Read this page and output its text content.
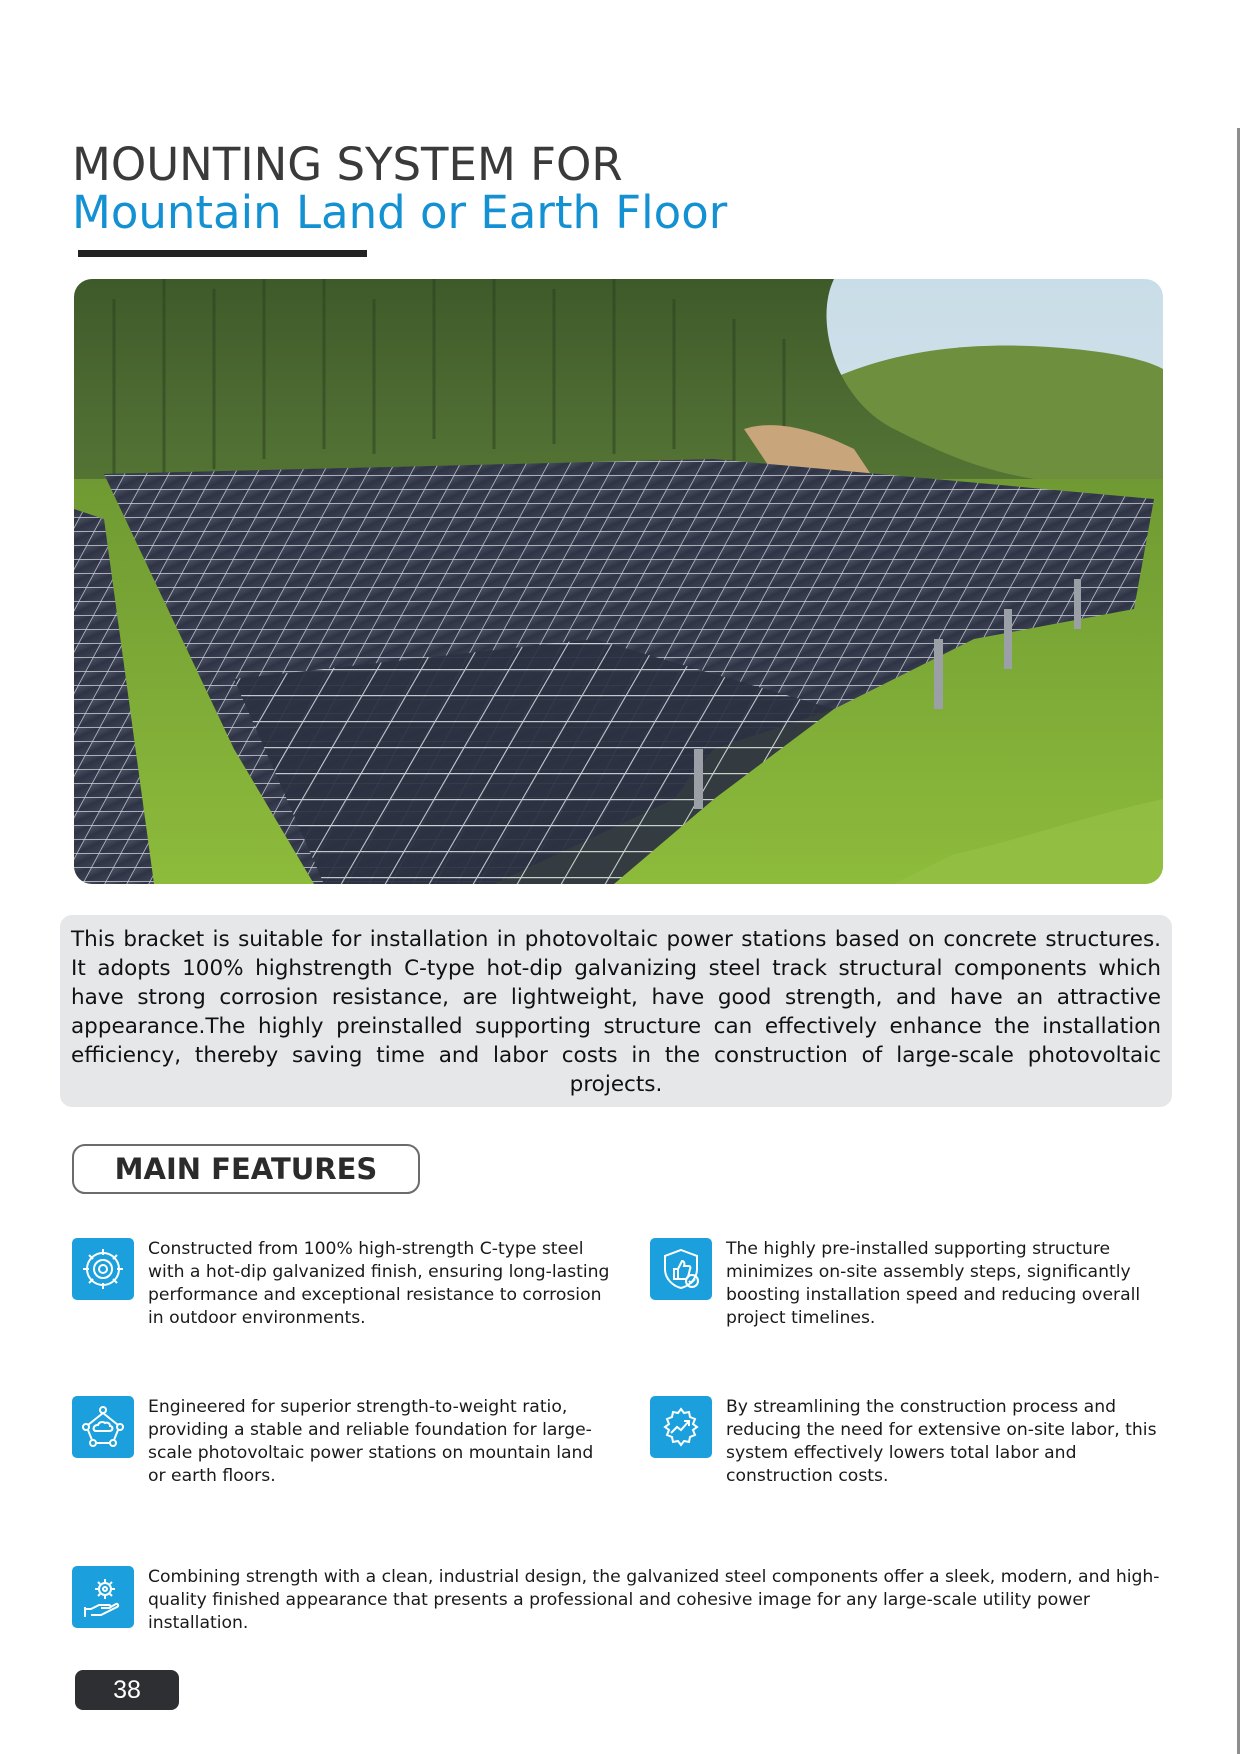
MOUNTING SYSTEM FOR
Mountain Land or Earth Floor
This bracket is suitable for installation in photovoltaic power stations based on concrete structures. It adopts 100% highstrength C-type hot-dip galvanizing steel track structural components which have strong corrosion resistance, are lightweight, have good strength, and have an attractive appearance.The highly preinstalled supporting structure can effectively enhance the installation efficiency, thereby saving time and labor costs in the construction of large-scale photovoltaic projects.
MAIN FEATURES
Constructed from 100% high-strength C-type steel with a hot-dip galvanized finish, ensuring long-lasting performance and exceptional resistance to corrosion in outdoor environments.
The highly pre-installed supporting structure minimizes on-site assembly steps, significantly boosting installation speed and reducing overall project timelines.
Engineered for superior strength-to-weight ratio, providing a stable and reliable foundation for large-scale photovoltaic power stations on mountain land or earth floors.
By streamlining the construction process and reducing the need for extensive on-site labor, this system effectively lowers total labor and construction costs.
Combining strength with a clean, industrial design, the galvanized steel components offer a sleek, modern, and high-quality finished appearance that presents a professional and cohesive image for any large-scale utility power installation.
38
